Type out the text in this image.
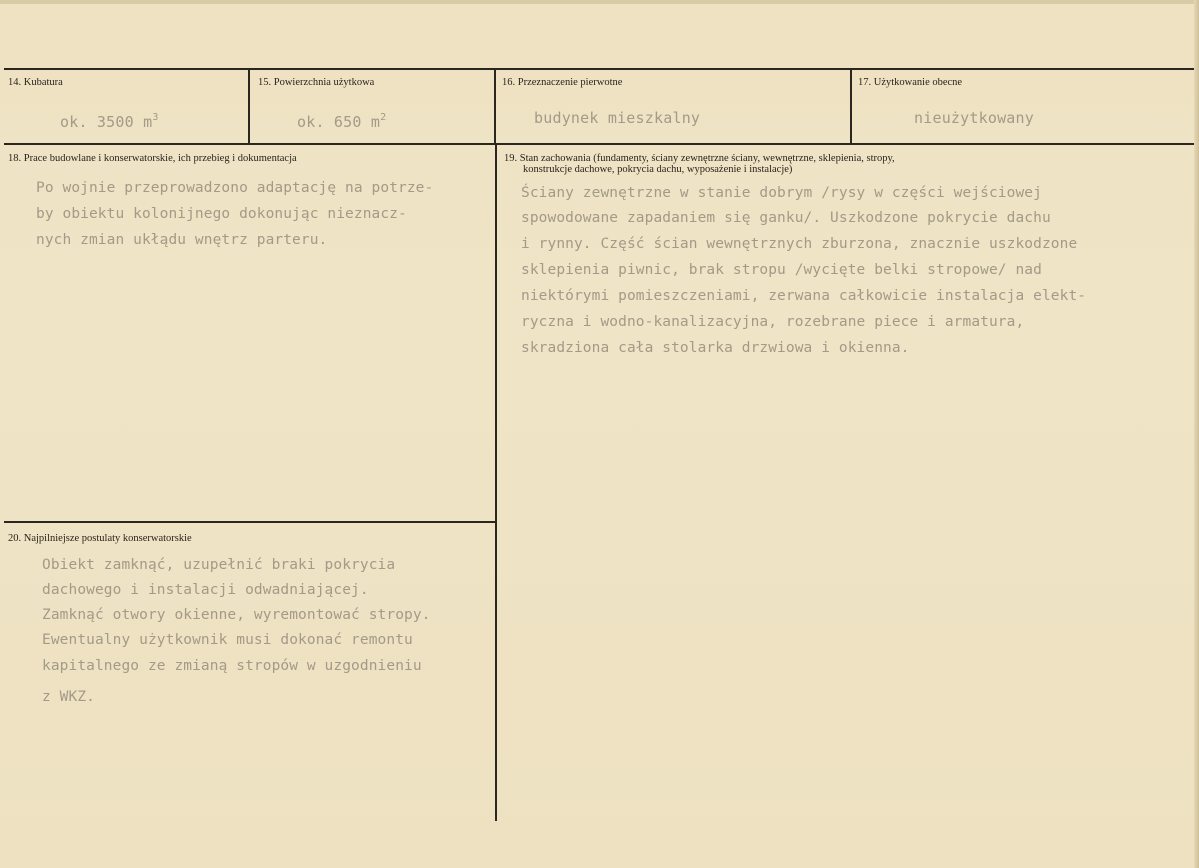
14. Kubatura	15. Powierzchnia użytkowa	16. Przeznaczenie pierwotne	17. Użytkowanie obecne
ok. 3500 $m^3$	ok. 650 $m^2$	budynek mieszkalny	nieużytkowany
18. Prace budowlane i konserwatorskie, ich przebieg i dokumentacja
Po wojnie przeprowadzono adaptację na potrze-
by obiektu kolonijnego dokonując nieznacz-
nych zmian ukłądu wnętrz parteru.
19. Stan zachowania (fundamenty, ściany zewnętrzne ściany, wewnętrzne, sklepienia, stropy,
konstrukcje dachowe, pokrycia dachu, wyposażenie i instalacje)
Ściany zewnętrzne w stanie dobrym /rysy w części wejściowej
spowodowane zapadaniem się ganku/. Uszkodzone pokrycie dachu
i rynny. Część ścian wewnętrznych zburzona, znacznie uszkodzone
sklepienia piwnic, brak stropu /wycięte belki stropowe/ nad
niektórymi pomieszczeniami, zerwana całkowicie instalacja elekt-
ryczna i wodno-kanalizacyjna, rozebrane piece i armatura,
skradziona cała stolarka drzwiowa i okienna.
20. Najpilniejsze postulaty konserwatorskie
Obiekt zamknąć, uzupełnić braki pokrycia
dachowego i instalacji odwadniającej.
Zamknąć otwory okienne, wyremontować stropy.
Ewentualny użytkownik musi dokonać remontu
kapitalnego ze zmianą stropów w uzgodnieniu
z WKZ.
